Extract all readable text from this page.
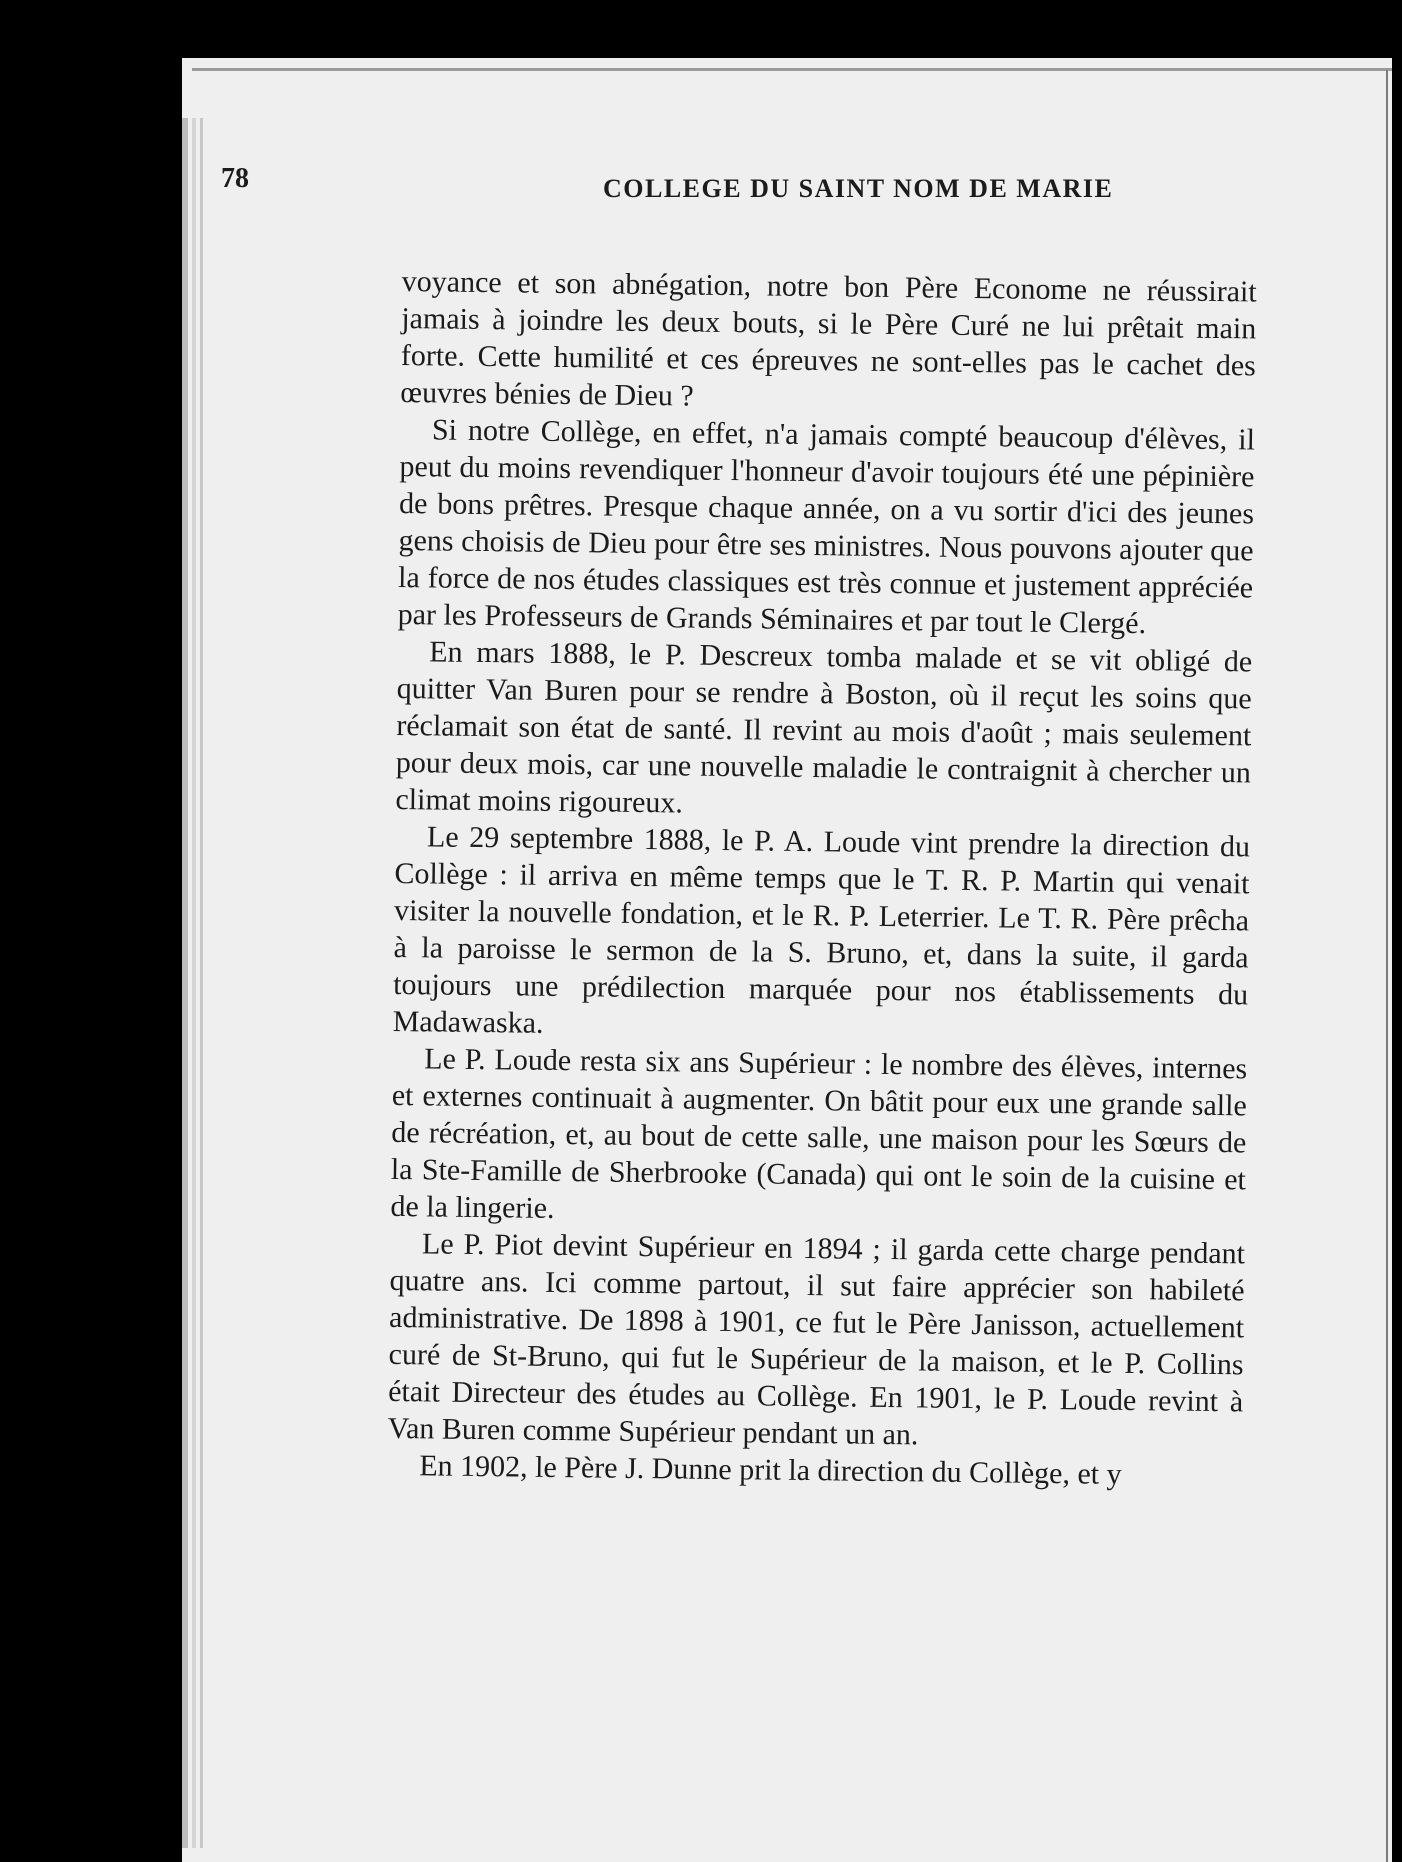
78	COLLEGE DU SAINT NOM DE MARIE

voyance et son abnégation, notre bon Père Econome ne réussirait jamais à joindre les deux bouts, si le Père Curé ne lui prêtait main forte. Cette humilité et ces épreuves ne sont-elles pas le cachet des œuvres bénies de Dieu ?

Si notre Collège, en effet, n'a jamais compté beaucoup d'élèves, il peut du moins revendiquer l'honneur d'avoir toujours été une pépinière de bons prêtres. Presque chaque année, on a vu sortir d'ici des jeunes gens choisis de Dieu pour être ses ministres. Nous pouvons ajouter que la force de nos études classiques est très connue et justement appréciée par les Professeurs de Grands Séminaires et par tout le Clergé.

En mars 1888, le P. Descreux tomba malade et se vit obligé de quitter Van Buren pour se rendre à Boston, où il reçut les soins que réclamait son état de santé. Il revint au mois d'août ; mais seulement pour deux mois, car une nouvelle maladie le contraignit à chercher un climat moins rigoureux.

Le 29 septembre 1888, le P. A. Loude vint prendre la direction du Collège : il arriva en même temps que le T. R. P. Martin qui venait visiter la nouvelle fondation, et le R. P. Leterrier. Le T. R. Père prêcha à la paroisse le sermon de la S. Bruno, et, dans la suite, il garda toujours une prédilection marquée pour nos établissements du Madawaska.

Le P. Loude resta six ans Supérieur : le nombre des élèves, internes et externes continuait à augmenter. On bâtit pour eux une grande salle de récréation, et, au bout de cette salle, une maison pour les Sœurs de la Ste-Famille de Sherbrooke (Canada) qui ont le soin de la cuisine et de la lingerie.

Le P. Piot devint Supérieur en 1894 ; il garda cette charge pendant quatre ans. Ici comme partout, il sut faire apprécier son habileté administrative. De 1898 à 1901, ce fut le Père Janisson, actuellement curé de St-Bruno, qui fut le Supérieur de la maison, et le P. Collins était Directeur des études au Collège. En 1901, le P. Loude revint à Van Buren comme Supérieur pendant un an.

En 1902, le Père J. Dunne prit la direction du Collège, et y
